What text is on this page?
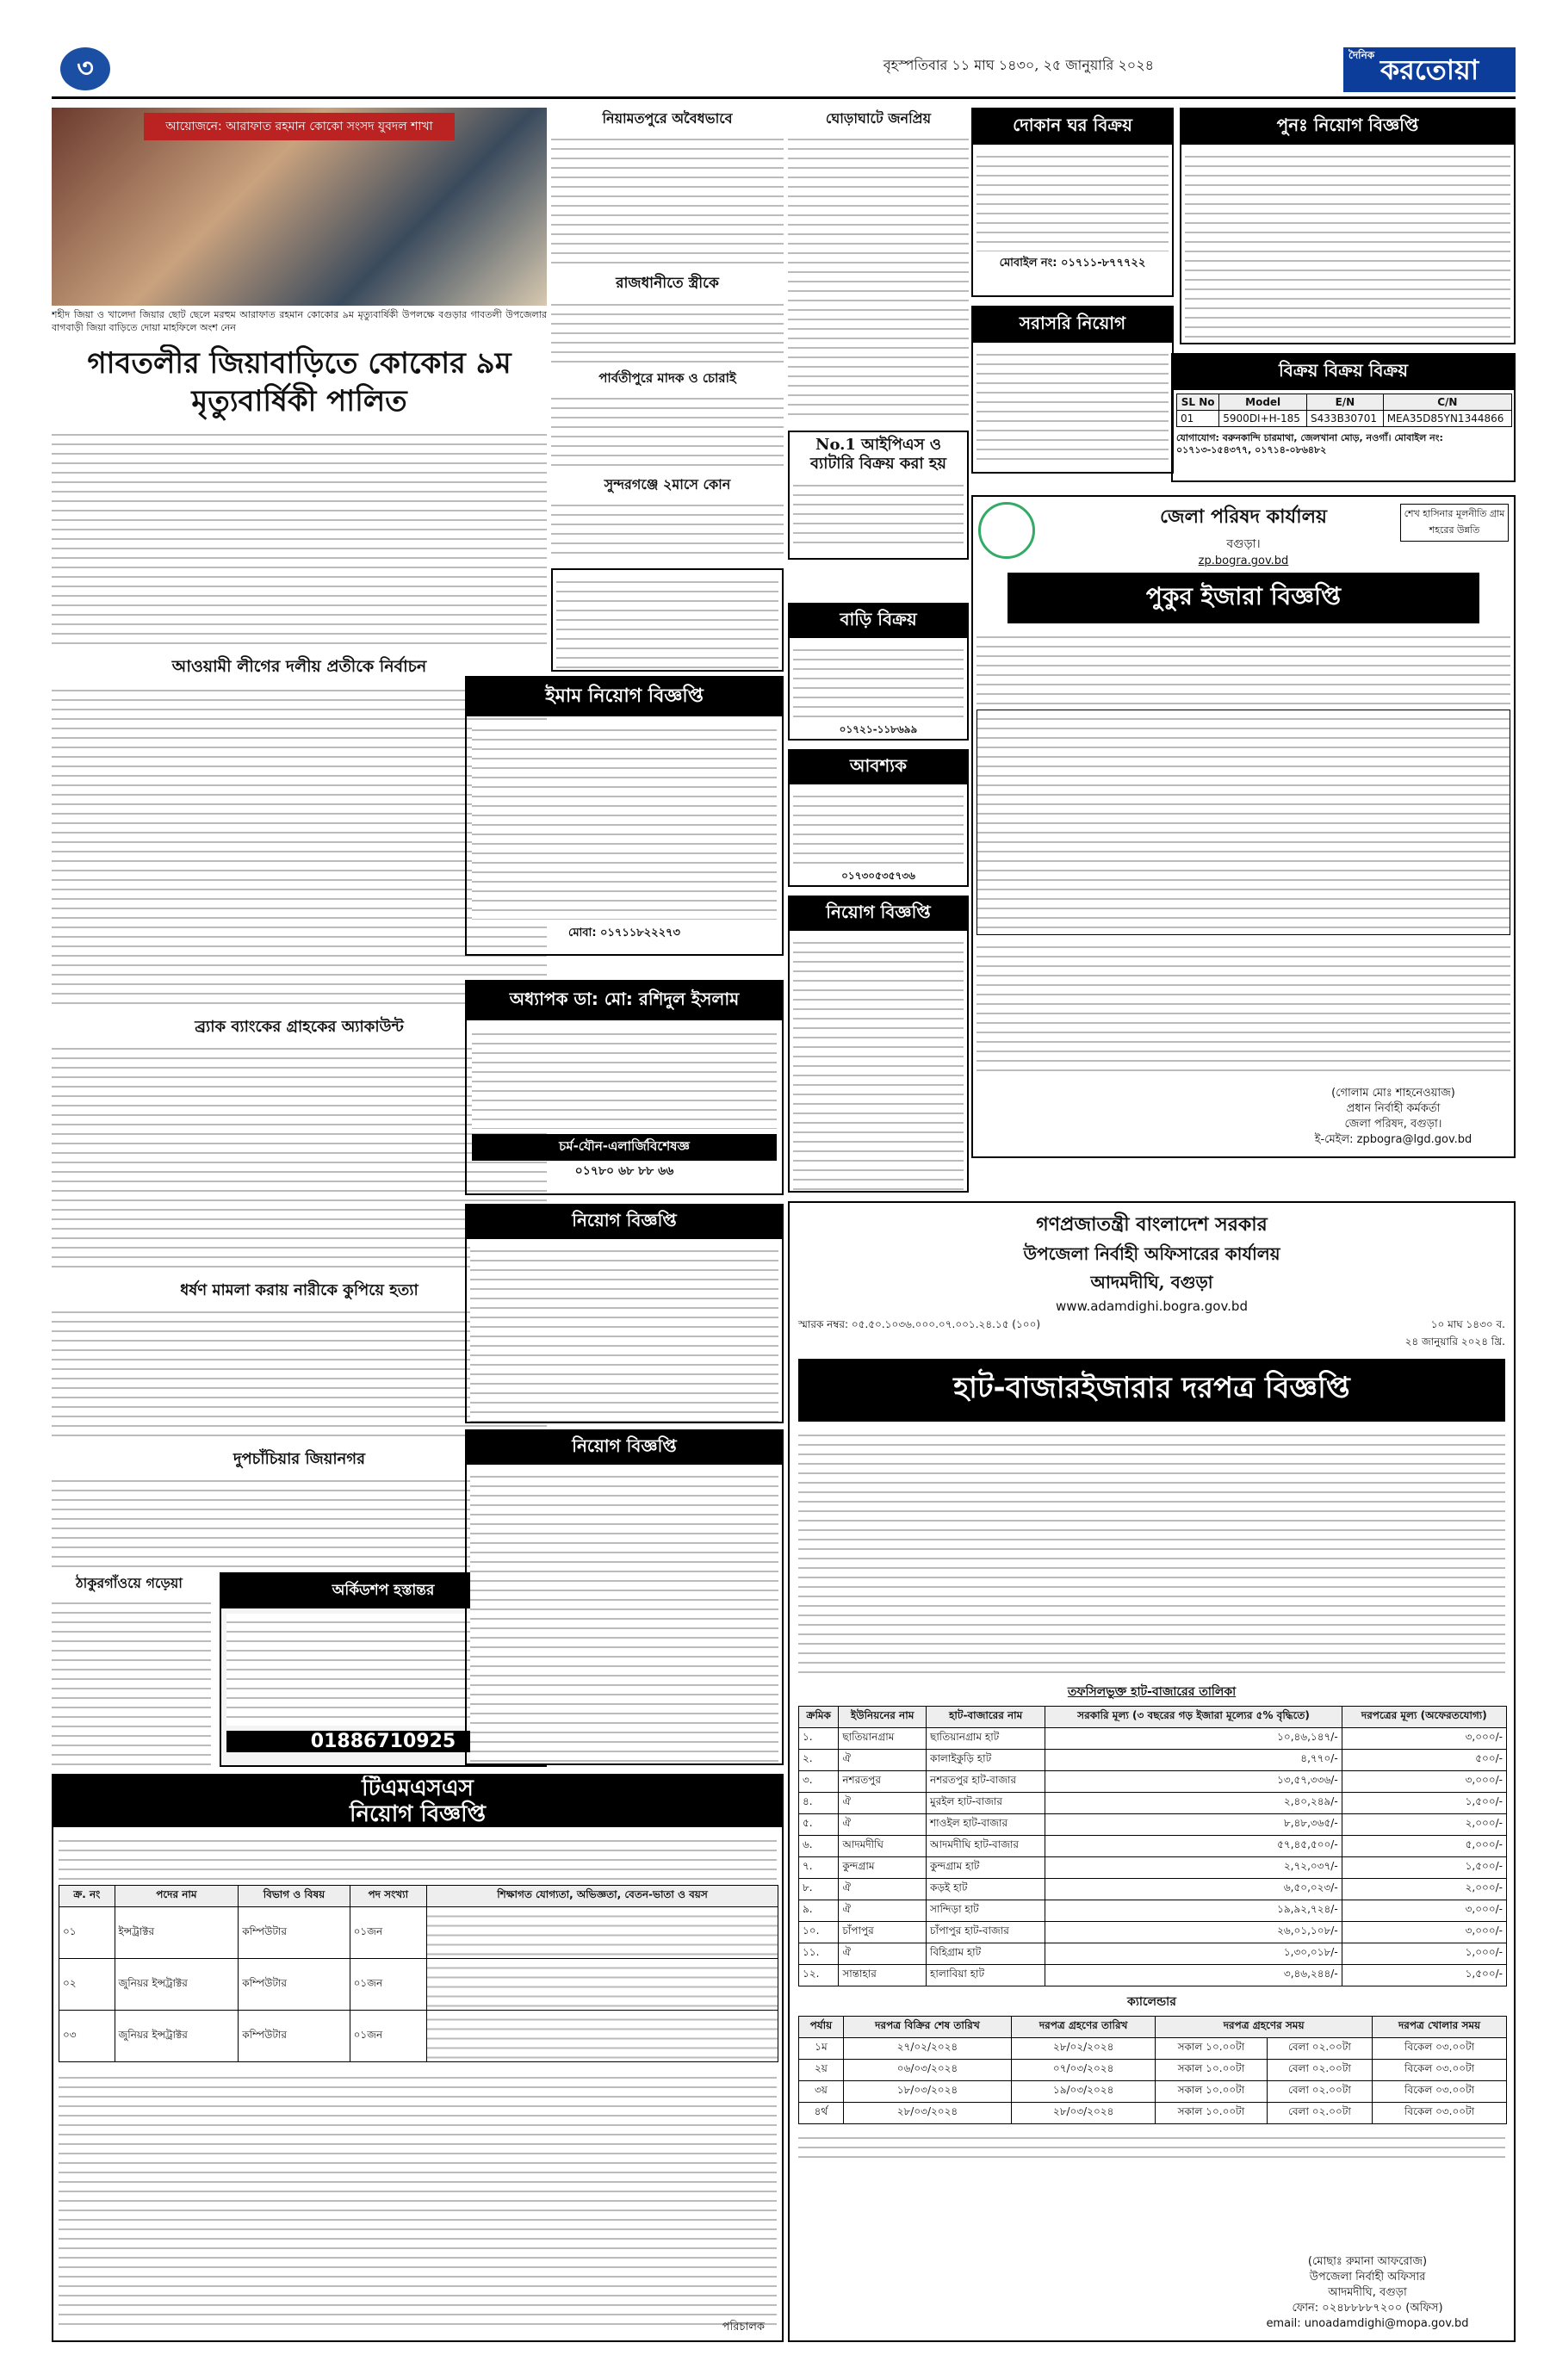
৩	বৃহস্পতিবার ১১ মাঘ ১৪৩০, ২৫ জানুয়ারি ২০২৪
দৈনিক করতোয়া
আয়োজনে: আরাফাত রহমান কোকো সংসদ যুবদল শাখা
শহীদ জিয়া ও খালেদা জিয়ার ছোট ছেলে মরহুম আরাফাত রহমান কোকোর ৯ম মৃত্যুবার্ষিকী উপলক্ষে বগুড়ার গাবতলী উপজেলার বাগবাড়ী জিয়া বাড়িতে দোয়া মাহফিলে অংশ নেন
গাবতলীর জিয়াবাড়িতে কোকোর ৯ম মৃত্যুবার্ষিকী পালিত
আওয়ামী লীগের দলীয় প্রতীকে নির্বাচন
ব্র্যাক ব্যাংকের গ্রাহকের অ্যাকাউন্ট
ধর্ষণ মামলা করায় নারীকে কুপিয়ে হত্যা
দুপচাঁচিয়ার জিয়ানগর
ঠাকুরগাঁওয়ে গড়ে়য়া	অর্কিডশপ হস্তান্তর
01886710925
টিএমএসএস
নিয়োগ বিজ্ঞপ্তি
ক্র. নং	পদের নাম	বিভাগ ও বিষয়	পদ সংখ্যা	শিক্ষাগত যোগ্যতা, অভিজ্ঞতা, বেতন-ভাতা ও বয়স
০১	ইন্সট্রাক্টর	কম্পিউটার	০১জন	
০২	জুনিয়র ইন্সট্রাক্টর	কম্পিউটার	০১জন	
০৩	জুনিয়র ইন্সট্রাক্টর	কম্পিউটার	০১জন	
পরিচালক
নিয়ামতপুরে অবৈধভাবে
রাজধানীতে স্ত্রীকে
পার্বতীপুরে মাদক ও চোরাই
সুন্দরগঞ্জে ২মাসে কোন
ঘোড়াঘাটে জনপ্রিয়
No.1 আইপিএস ও ব্যাটারি বিক্রয় করা হয়
দোকান ঘর বিক্রয়
মোবাইল নং: ০১৭১১-৮৭৭৭২২
সরাসরি নিয়োগ
বাড়ি বিক্রয়
০১৭২১-১১৮৬৯৯
আবশ্যক
০১৭৩০৫৩৫৭৩৬
নিয়োগ বিজ্ঞপ্তি
ইমাম নিয়োগ বিজ্ঞপ্তি
মোবা: ০১৭১১৮২২২৭৩
অধ্যাপক ডা: মো: রশিদুল ইসলাম
চর্ম-যৌন-এলার্জিবিশেষজ্ঞ
০১৭৮০ ৬৮ ৮৮ ৬৬
নিয়োগ বিজ্ঞপ্তি
নিয়োগ বিজ্ঞপ্তি
পুনঃ নিয়োগ বিজ্ঞপ্তি
বিক্রয় বিক্রয় বিক্রয়
SL No	Model	E/N	C/N
01	5900DI+H-185	S433B30701	MEA35D85YN1344866
যোগাযোগ: বরুনকান্দি চারমাথা, জেলখানা মোড়, নওগাঁ। মোবাইল নং: ০১৭১৩-১৫৪৩৭৭, ০১৭১৪-০৮৬৪৮২
জেলা পরিষদ কার্যালয়
বগুড়া।
zp.bogra.gov.bd
শেখ হাসিনার মূলনীতি গ্রাম শহরের উন্নতি
পুকুর ইজারা বিজ্ঞপ্তি
(গোলাম মোঃ শাহনেওয়াজ)
প্রধান নির্বাহী কর্মকর্তা
জেলা পরিষদ, বগুড়া।
ই-মেইল: zpbogra@lgd.gov.bd
গণপ্রজাতন্ত্রী বাংলাদেশ সরকার
উপজেলা নির্বাহী অফিসারের কার্যালয়
আদমদীঘি, বগুড়া
www.adamdighi.bogra.gov.bd
স্মারক নম্বর: ০৫.৫০.১০৩৬.০০০.০৭.০০১.২৪.১৫ (১০০)	১০ মাঘ ১৪৩০ ব.
২৪ জানুয়ারি ২০২৪ খ্রি.
হাট-বাজারইজারার দরপত্র বিজ্ঞপ্তি
তফসিলভুক্ত হাট-বাজারের তালিকা
ক্রমিক	ইউনিয়নের নাম	হাট-বাজারের নাম	সরকারি মূল্য (৩ বছরের গড় ইজারা মূল্যের ৫% বৃদ্ধিতে)	দরপত্রের মূল্য (অফেরতযোগ্য)
১.	ছাতিয়ানগ্রাম	ছাতিয়ানগ্রাম হাট	১০,৪৬,১৪৭/-	৩,০০০/-
২.	ঐ	কালাইকুড়ি হাট	৪,৭৭০/-	৫০০/-
৩.	নশরতপুর	নশরতপুর হাট-বাজার	১৩,৫৭,৩৩৬/-	৩,০০০/-
৪.	ঐ	মুরইল হাট-বাজার	২,৪০,২৪৯/-	১,৫০০/-
৫.	ঐ	শাওইল হাট-বাজার	৮,৪৮,৩৬৫/-	২,০০০/-
৬.	আদমদীঘি	আদমদীঘি হাট-বাজার	৫৭,৪৫,৫০০/-	৫,০০০/-
৭.	কুন্দগ্রাম	কুন্দগ্রাম হাট	২,৭২,০৩৭/-	১,৫০০/-
৮.	ঐ	কড়ই হাট	৬,৫০,০২৩/-	২,০০০/-
৯.	ঐ	সান্দিড়া হাট	১৯,৯২,৭২৪/-	৩,০০০/-
১০.	চাঁপাপুর	চাঁপাপুর হাট-বাজার	২৬,০১,১০৮/-	৩,০০০/-
১১.	ঐ	বিহিগ্রাম হাট	১,৩০,০১৮/-	১,০০০/-
১২.	সান্তাহার	হালাবিয়া হাট	৩,৪৬,২৪৪/-	১,৫০০/-
ক্যালেন্ডার
পর্যায়	দরপত্র বিক্রির শেষ তারিখ	দরপত্র গ্রহণের তারিখ	দরপত্র গ্রহণের সময়		দরপত্র খোলার সময়
১ম	২৭/০২/২০২৪	২৮/০২/২০২৪	সকাল ১০.০০টা	বেলা ০২.০০টা	বিকেল ০৩.০০টা
২য়	০৬/০৩/২০২৪	০৭/০৩/২০২৪	সকাল ১০.০০টা	বেলা ০২.০০টা	বিকেল ০৩.০০টা
৩য়	১৮/০৩/২০২৪	১৯/০৩/২০২৪	সকাল ১০.০০টা	বেলা ০২.০০টা	বিকেল ০৩.০০টা
৪র্থ	২৮/০৩/২০২৪	২৮/০৩/২০২৪	সকাল ১০.০০টা	বেলা ০২.০০টা	বিকেল ০৩.০০টা
(মোছাঃ রুমানা আফরোজ)
উপজেলা নির্বাহী অফিসার
আদমদীঘি, বগুড়া
ফোন: ০২৪৮৮৮৮৭২০০ (অফিস)
email: unoadamdighi@mopa.gov.bd
